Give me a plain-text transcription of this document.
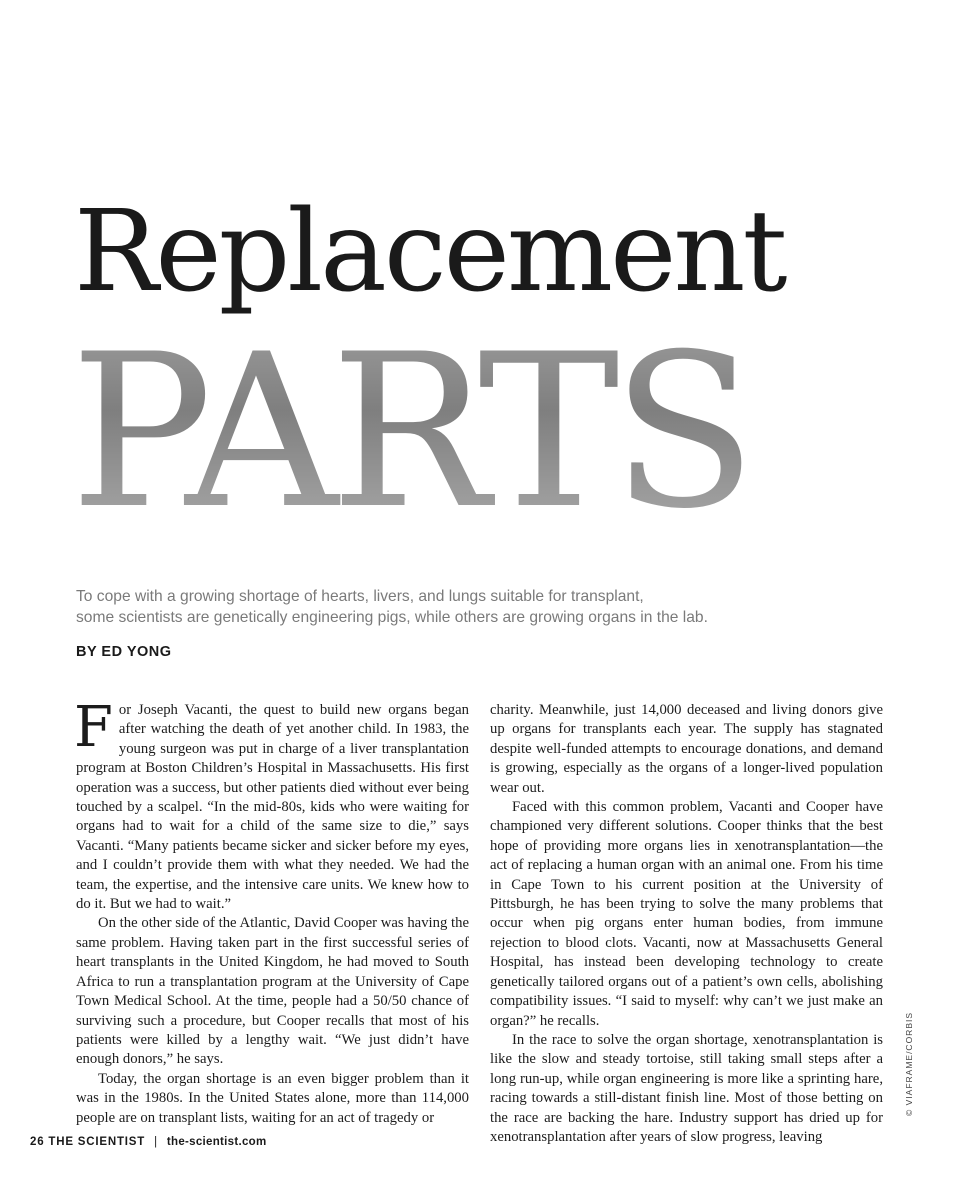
Replacement
PARTS
To cope with a growing shortage of hearts, livers, and lungs suitable for transplant,
some scientists are genetically engineering pigs, while others are growing organs in the lab.
BY ED YONG

For Joseph Vacanti, the quest to build new organs began after watching the death of yet another child. In 1983, the young surgeon was put in charge of a liver transplantation program at Boston Children’s Hospital in Massachusetts. His first operation was a success, but other patients died without ever being touched by a scalpel. “In the mid-80s, kids who were waiting for organs had to wait for a child of the same size to die,” says Vacanti. “Many patients became sicker and sicker before my eyes, and I couldn’t provide them with what they needed. We had the team, the expertise, and the intensive care units. We knew how to do it. But we had to wait.”

On the other side of the Atlantic, David Cooper was having the same problem. Having taken part in the first successful series of heart transplants in the United Kingdom, he had moved to South Africa to run a transplantation program at the University of Cape Town Medical School. At the time, people had a 50/50 chance of surviving such a procedure, but Cooper recalls that most of his patients were killed by a lengthy wait. “We just didn’t have enough donors,” he says.

Today, the organ shortage is an even bigger problem than it was in the 1980s. In the United States alone, more than 114,000 people are on transplant lists, waiting for an act of tragedy or

charity. Meanwhile, just 14,000 deceased and living donors give up organs for transplants each year. The supply has stagnated despite well-funded attempts to encourage donations, and demand is growing, especially as the organs of a longer-lived population wear out.

Faced with this common problem, Vacanti and Cooper have championed very different solutions. Cooper thinks that the best hope of providing more organs lies in xenotransplantation—the act of replacing a human organ with an animal one. From his time in Cape Town to his current position at the University of Pittsburgh, he has been trying to solve the many problems that occur when pig organs enter human bodies, from immune rejection to blood clots. Vacanti, now at Massachusetts General Hospital, has instead been developing technology to create genetically tailored organs out of a patient’s own cells, abolishing compatibility issues. “I said to myself: why can’t we just make an organ?” he recalls.

In the race to solve the organ shortage, xenotransplantation is like the slow and steady tortoise, still taking small steps after a long run-up, while organ engineering is more like a sprinting hare, racing towards a still-distant finish line. Most of those betting on the race are backing the hare. Industry support has dried up for xenotransplantation after years of slow progress, leaving

© VIAFRAME/CORBIS
26 THE SCIENTIST | the-scientist.com
